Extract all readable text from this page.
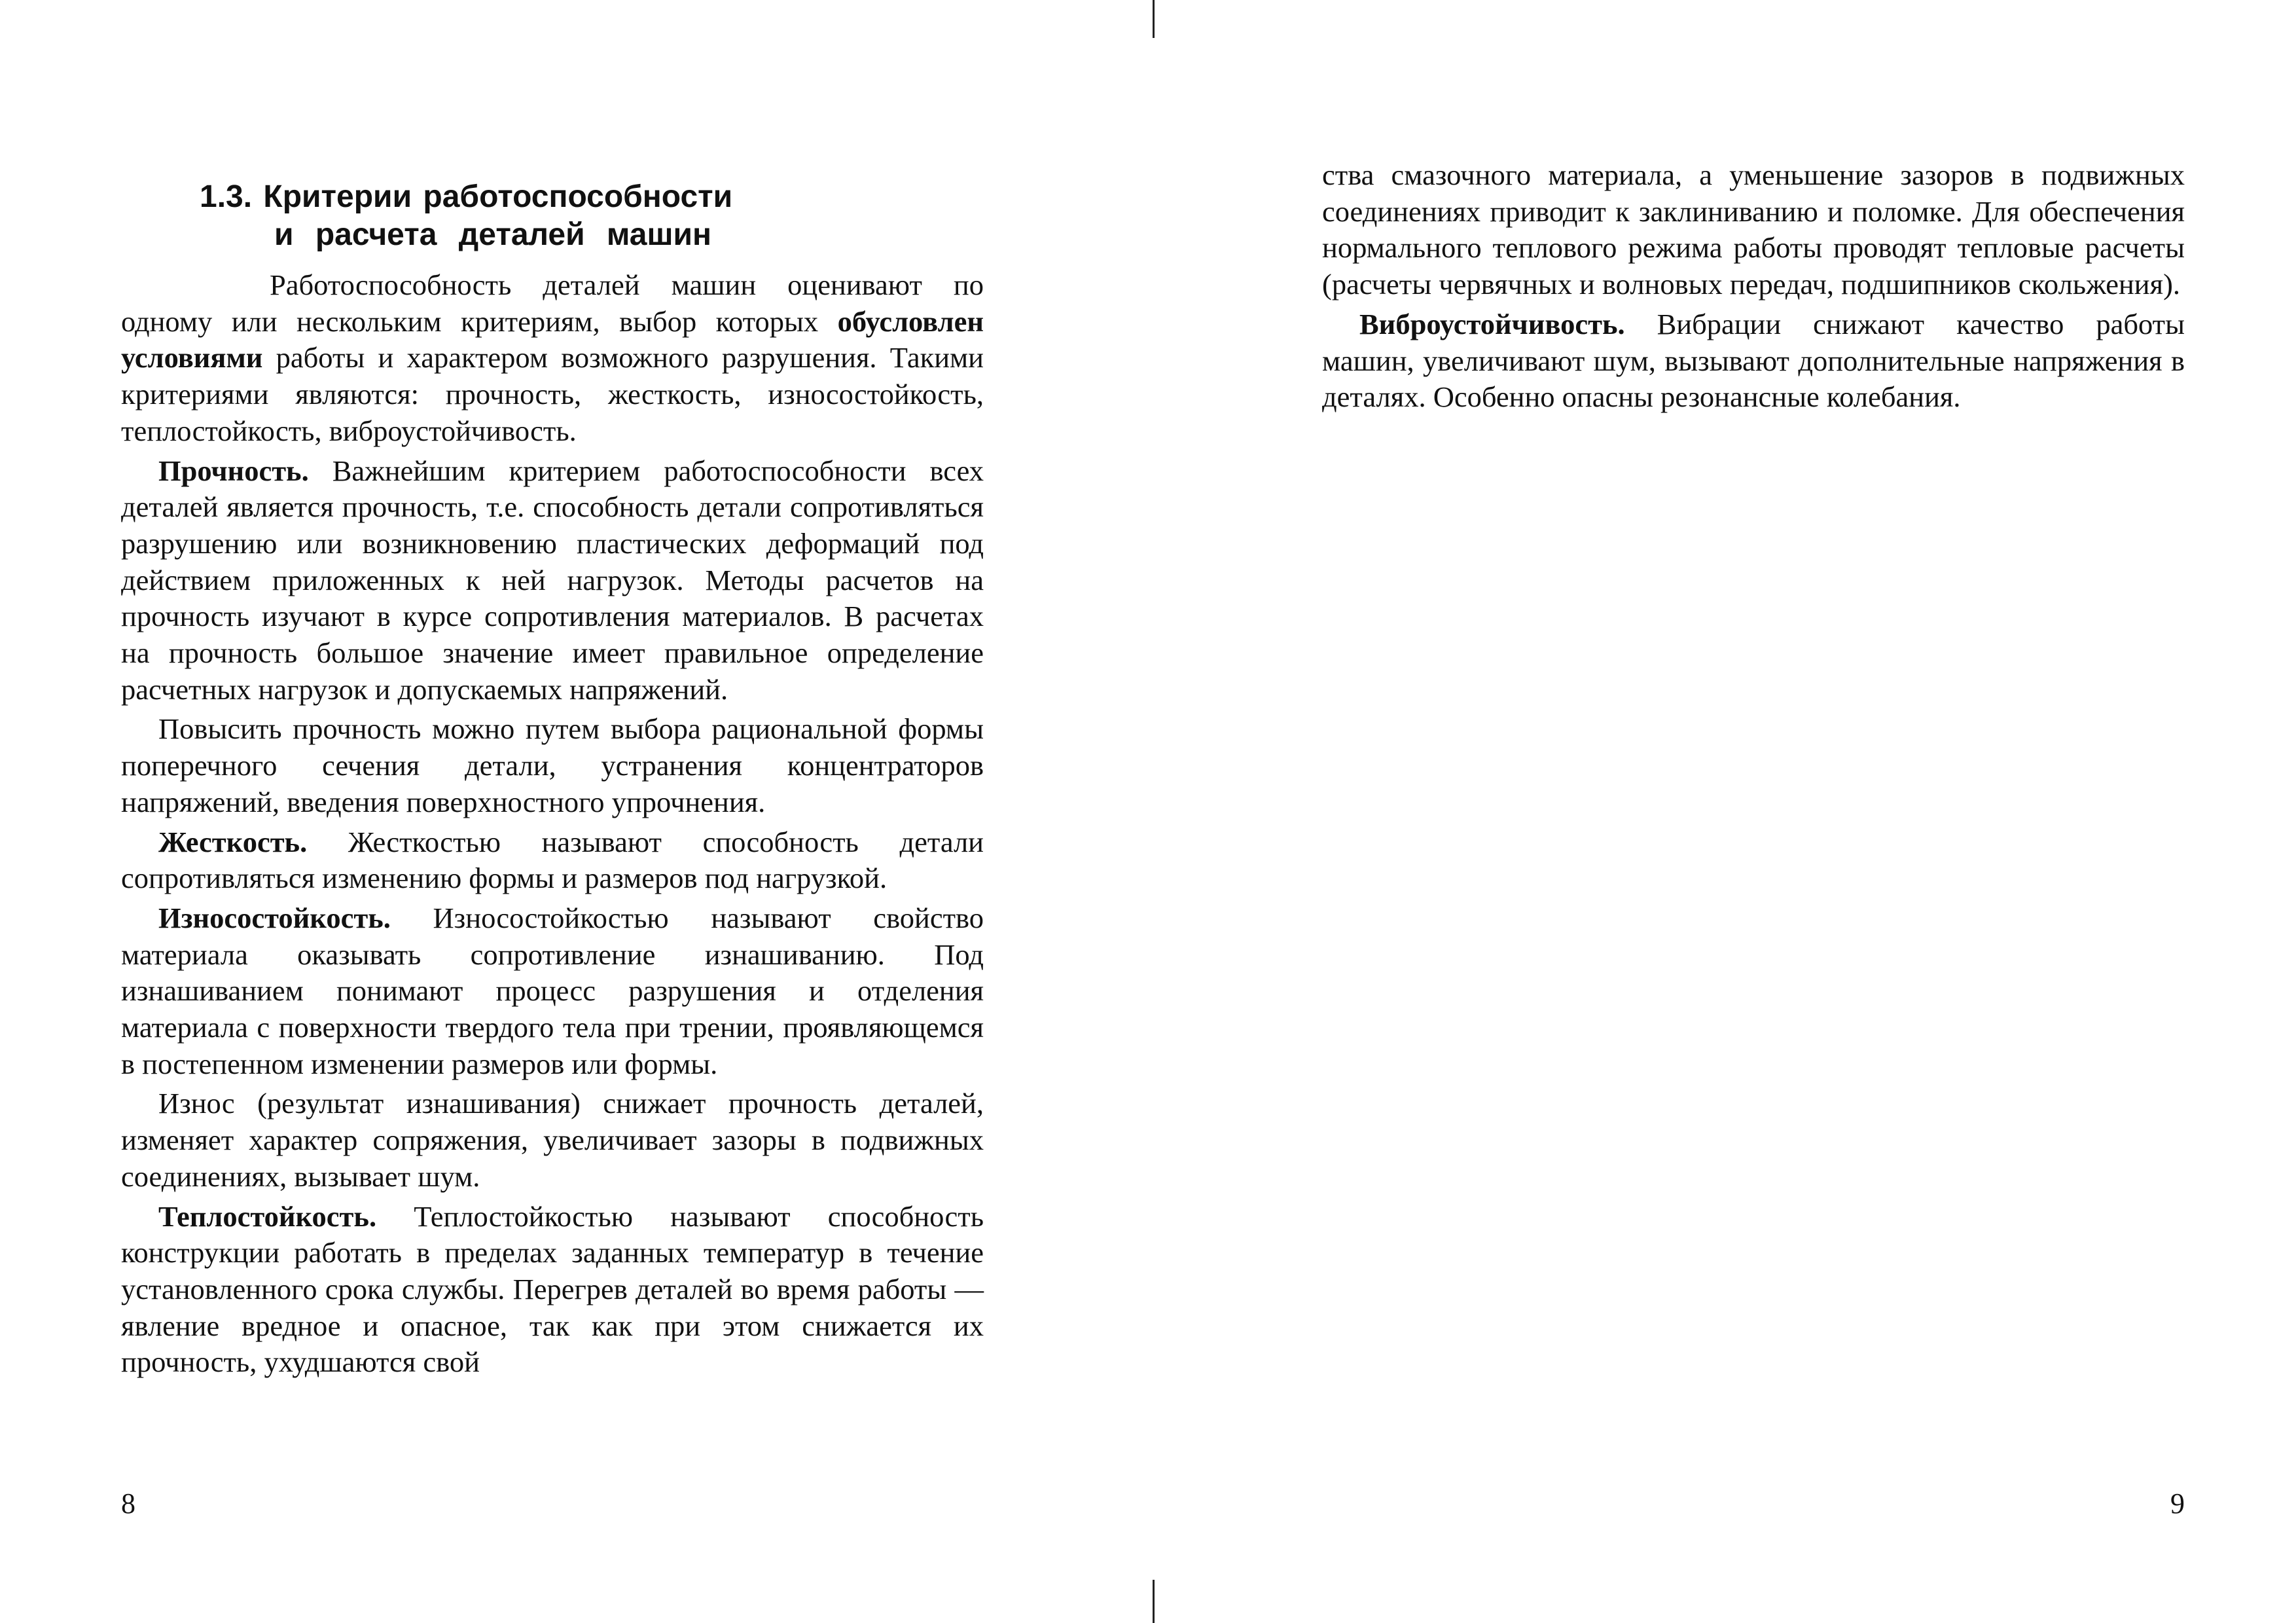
1.3. Критерии работоспособности
и расчета деталей машин

Работоспособность деталей машин оценивают по одному или нескольким критериям, выбор которых обусловлен условиями работы и характером возможного разрушения. Такими критериями являются: прочность, жесткость, износостойкость, теплостойкость, виброустойчивость.

Прочность. Важнейшим критерием работоспособности всех деталей является прочность, т.е. способность детали сопротивляться разрушению или возникновению пластических деформаций под действием приложенных к ней нагрузок. Методы расчетов на прочность изучают в курсе сопротивления материалов. В расчетах на прочность большое значение имеет правильное определение расчетных нагрузок и допускаемых напряжений.

Повысить прочность можно путем выбора рациональной формы поперечного сечения детали, устранения концентраторов напряжений, введения поверхностного упрочнения.

Жесткость. Жесткостью называют способность детали сопротивляться изменению формы и размеров под нагрузкой.

Износостойкость. Износостойкостью называют свойство материала оказывать сопротивление изнашиванию. Под изнашиванием понимают процесс разрушения и отделения материала с поверхности твердого тела при трении, проявляющемся в постепенном изменении размеров или формы.

Износ (результат изнашивания) снижает прочность деталей, изменяет характер сопряжения, увеличивает зазоры в подвижных соединениях, вызывает шум.

Теплостойкость. Теплостойкостью называют способность конструкции работать в пределах заданных температур в течение установленного срока службы. Перегрев деталей во время работы — явление вредное и опасное, так как при этом снижается их прочность, ухудшаются свой

8

ства смазочного материала, а уменьшение зазоров в подвижных соединениях приводит к заклиниванию и поломке. Для обеспечения нормального теплового режима работы проводят тепловые расчеты (расчеты червячных и волновых передач, подшипников скольжения).

Виброустойчивость. Вибрации снижают качество работы машин, увеличивают шум, вызывают дополнительные напряжения в деталях. Особенно опасны резонансные колебания.

9
